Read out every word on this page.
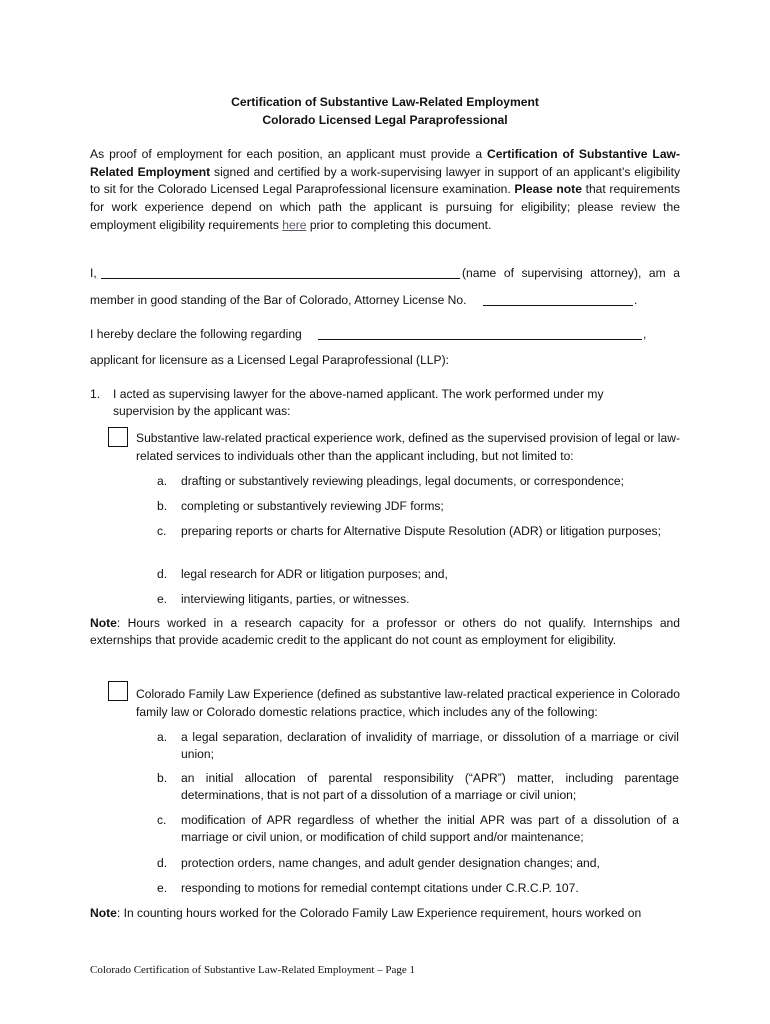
Certification of Substantive Law-Related Employment
Colorado Licensed Legal Paraprofessional
As proof of employment for each position, an applicant must provide a Certification of Substantive Law-Related Employment signed and certified by a work-supervising lawyer in support of an applicant’s eligibility to sit for the Colorado Licensed Legal Paraprofessional licensure examination. Please note that requirements for work experience depend on which path the applicant is pursuing for eligibility; please review the employment eligibility requirements here prior to completing this document.
I,	(name of supervising attorney), am a
member in good standing of the Bar of Colorado, Attorney License No.	.
I hereby declare the following regarding	,
applicant for licensure as a Licensed Legal Paraprofessional (LLP):
1. I acted as supervising lawyer for the above-named applicant. The work performed under my
supervision by the applicant was:
Substantive law-related practical experience work, defined as the supervised provision of legal or law-related services to individuals other than the applicant including, but not limited to:
a. drafting or substantively reviewing pleadings, legal documents, or correspondence;
b. completing or substantively reviewing JDF forms;
c. preparing reports or charts for Alternative Dispute Resolution (ADR) or litigation purposes;
d. legal research for ADR or litigation purposes; and,
e. interviewing litigants, parties, or witnesses.
Note: Hours worked in a research capacity for a professor or others do not qualify. Internships and externships that provide academic credit to the applicant do not count as employment for eligibility.
Colorado Family Law Experience (defined as substantive law-related practical experience in Colorado family law or Colorado domestic relations practice, which includes any of the following:
a. a legal separation, declaration of invalidity of marriage, or dissolution of a marriage or civil union;
b. an initial allocation of parental responsibility (“APR”) matter, including parentage determinations, that is not part of a dissolution of a marriage or civil union;
c. modification of APR regardless of whether the initial APR was part of a dissolution of a marriage or civil union, or modification of child support and/or maintenance;
d. protection orders, name changes, and adult gender designation changes; and,
e. responding to motions for remedial contempt citations under C.R.C.P. 107.
Note: In counting hours worked for the Colorado Family Law Experience requirement, hours worked on
Colorado Certification of Substantive Law-Related Employment – Page 1
